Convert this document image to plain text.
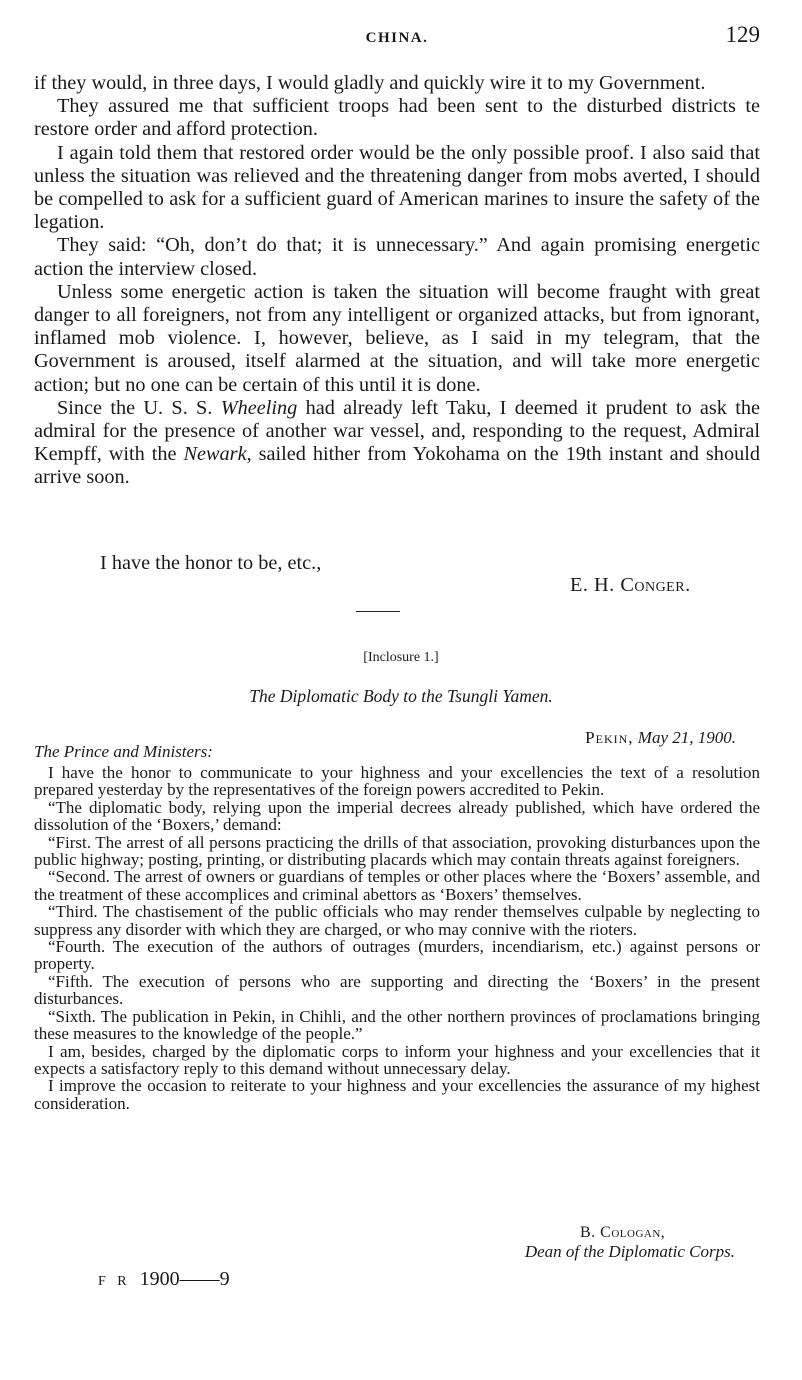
CHINA.	129

if they would, in three days, I would gladly and quickly wire it to my Government.

They assured me that sufficient troops had been sent to the disturbed districts te restore order and afford protection.

I again told them that restored order would be the only possible proof. I also said that unless the situation was relieved and the threatening danger from mobs averted, I should be compelled to ask for a sufficient guard of American marines to insure the safety of the legation.

They said: “Oh, don’t do that; it is unnecessary.” And again promising energetic action the interview closed.

Unless some energetic action is taken the situation will become fraught with great danger to all foreigners, not from any intelligent or organized attacks, but from ignorant, inflamed mob violence. I, however, believe, as I said in my telegram, that the Government is aroused, itself alarmed at the situation, and will take more energetic action; but no one can be certain of this until it is done.

Since the U. S. S. Wheeling had already left Taku, I deemed it prudent to ask the admiral for the presence of another war vessel, and, responding to the request, Admiral Kempff, with the Newark, sailed hither from Yokohama on the 19th instant and should arrive soon.

I have the honor to be, etc.,
E. H. Conger.
[Inclosure 1.]
The Diplomatic Body to the Tsungli Yamen.
Pekin, May 21, 1900.
The Prince and Ministers:

I have the honor to communicate to your highness and your excellencies the text of a resolution prepared yesterday by the representatives of the foreign powers accredited to Pekin.

“The diplomatic body, relying upon the imperial decrees already published, which have ordered the dissolution of the ‘Boxers,’ demand:

“First. The arrest of all persons practicing the drills of that association, provoking disturbances upon the public highway; posting, printing, or distributing placards which may contain threats against foreigners.

“Second. The arrest of owners or guardians of temples or other places where the ‘Boxers’ assemble, and the treatment of these accomplices and criminal abettors as ‘Boxers’ themselves.

“Third. The chastisement of the public officials who may render themselves culpable by neglecting to suppress any disorder with which they are charged, or who may connive with the rioters.

“Fourth. The execution of the authors of outrages (murders, incendiarism, etc.) against persons or property.

“Fifth. The execution of persons who are supporting and directing the ‘Boxers’ in the present disturbances.

“Sixth. The publication in Pekin, in Chihli, and the other northern provinces of proclamations bringing these measures to the knowledge of the people.”

I am, besides, charged by the diplomatic corps to inform your highness and your excellencies that it expects a satisfactory reply to this demand without unnecessary delay.

I improve the occasion to reiterate to your highness and your excellencies the assurance of my highest consideration.

B. Cologan,
Dean of the Diplomatic Corps.
F R 1900——9
